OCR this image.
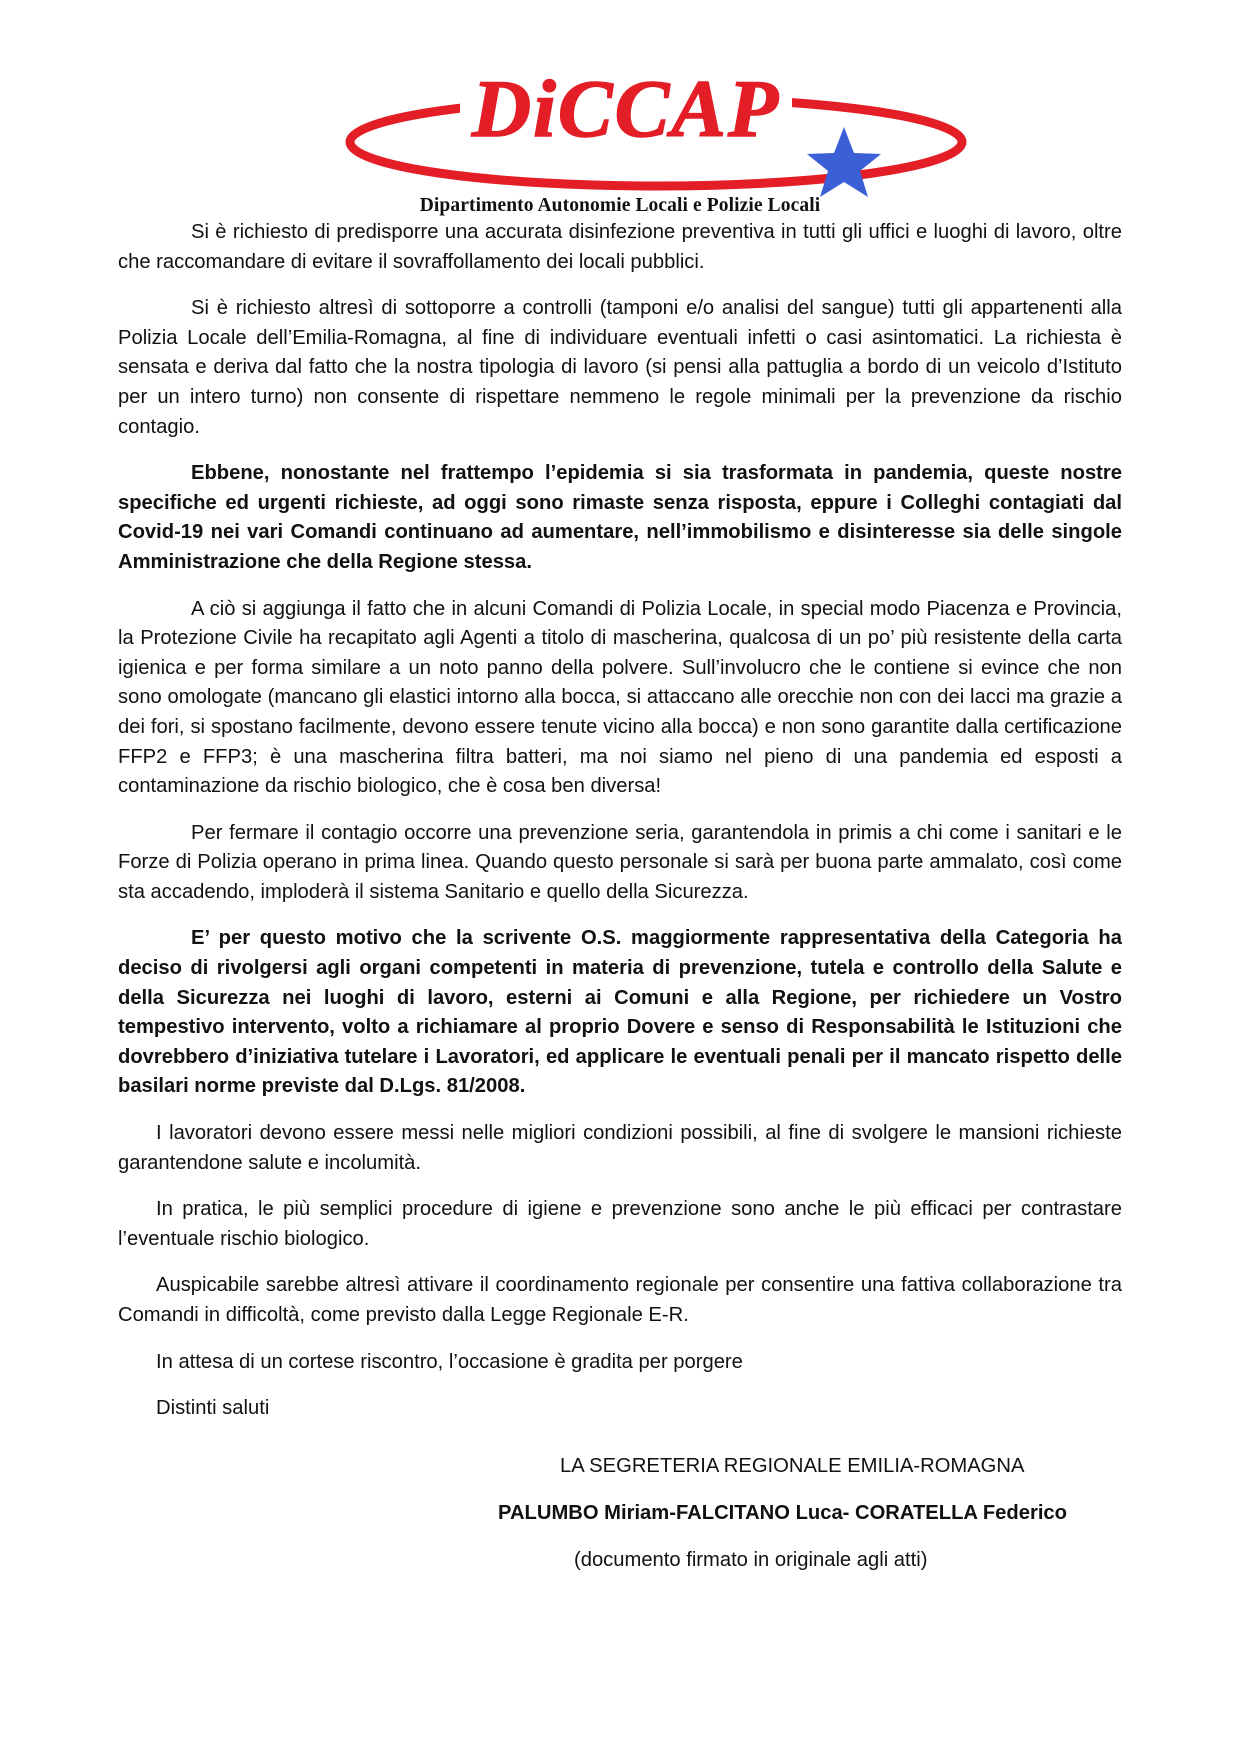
DiCCAP
Dipartimento Autonomie Locali e Polizie Locali

Si è richiesto di predisporre una accurata disinfezione preventiva in tutti gli uffici e luoghi di lavoro, oltre che raccomandare di evitare il sovraffollamento dei locali pubblici.

Si è richiesto altresì di sottoporre a controlli (tamponi e/o analisi del sangue) tutti gli appartenenti alla Polizia Locale dell’Emilia-Romagna, al fine di individuare eventuali infetti o casi asintomatici. La richiesta è sensata e deriva dal fatto che la nostra tipologia di lavoro (si pensi alla pattuglia a bordo di un veicolo d’Istituto per un intero turno) non consente di rispettare nemmeno le regole minimali per la prevenzione da rischio contagio.

Ebbene, nonostante nel frattempo l’epidemia si sia trasformata in pandemia, queste nostre specifiche ed urgenti richieste, ad oggi sono rimaste senza risposta, eppure i Colleghi contagiati dal Covid-19 nei vari Comandi continuano ad aumentare, nell’immobilismo e disinteresse sia delle singole Amministrazione che della Regione stessa.

A ciò si aggiunga il fatto che in alcuni Comandi di Polizia Locale, in special modo Piacenza e Provincia, la Protezione Civile ha recapitato agli Agenti a titolo di mascherina, qualcosa di un po’ più resistente della carta igienica e per forma similare a un noto panno della polvere. Sull’involucro che le contiene si evince che non sono omologate (mancano gli elastici intorno alla bocca, si attaccano alle orecchie non con dei lacci ma grazie a dei fori, si spostano facilmente, devono essere tenute vicino alla bocca) e non sono garantite dalla certificazione FFP2 e FFP3; è una mascherina filtra batteri, ma noi siamo nel pieno di una pandemia ed esposti a contaminazione da rischio biologico, che è cosa ben diversa!

Per fermare il contagio occorre una prevenzione seria, garantendola in primis a chi come i sanitari e le Forze di Polizia operano in prima linea. Quando questo personale si sarà per buona parte ammalato, così come sta accadendo, imploderà il sistema Sanitario e quello della Sicurezza.

E’ per questo motivo che la scrivente O.S. maggiormente rappresentativa della Categoria ha deciso di rivolgersi agli organi competenti in materia di prevenzione, tutela e controllo della Salute e della Sicurezza nei luoghi di lavoro, esterni ai Comuni e alla Regione, per richiedere un Vostro tempestivo intervento, volto a richiamare al proprio Dovere e senso di Responsabilità le Istituzioni che dovrebbero d’iniziativa tutelare i Lavoratori, ed applicare le eventuali penali per il mancato rispetto delle basilari norme previste dal D.Lgs. 81/2008.

I lavoratori devono essere messi nelle migliori condizioni possibili, al fine di svolgere le mansioni richieste garantendone salute e incolumità.

In pratica, le più semplici procedure di igiene e prevenzione sono anche le più efficaci per contrastare l’eventuale rischio biologico.

Auspicabile sarebbe altresì attivare il coordinamento regionale per consentire una fattiva collaborazione tra Comandi in difficoltà, come previsto dalla Legge Regionale E-R.

In attesa di un cortese riscontro, l’occasione è gradita per porgere
Distinti saluti
LA SEGRETERIA REGIONALE EMILIA-ROMAGNA
PALUMBO Miriam-FALCITANO Luca- CORATELLA Federico
(documento firmato in originale agli atti)
